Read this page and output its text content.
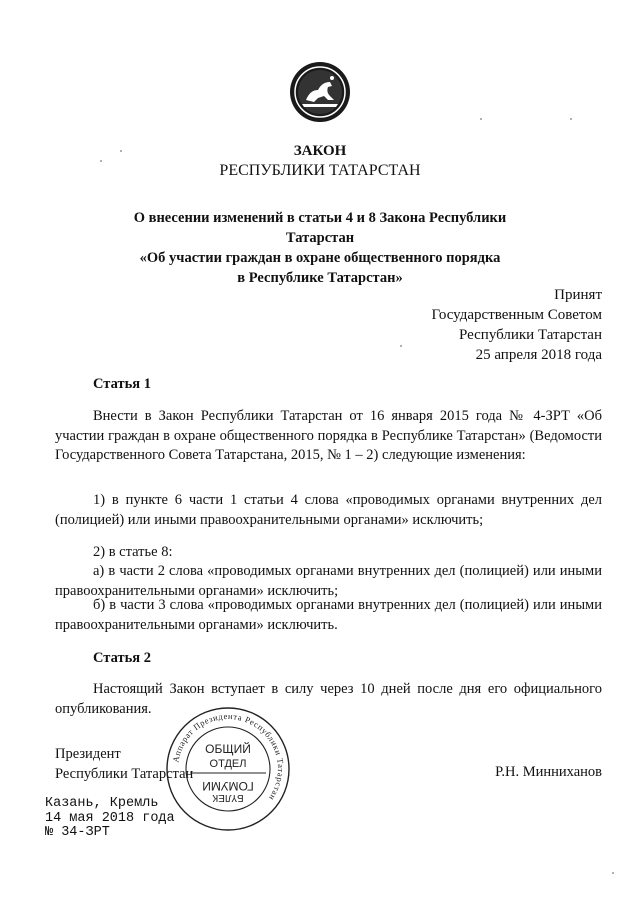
ЗАКОН
РЕСПУБЛИКИ ТАТАРСТАН
О внесении изменений в статьи 4 и 8 Закона Республики Татарстан
«Об участии граждан в охране общественного порядка
в Республике Татарстан»
Принят
Государственным Советом
Республики Татарстан
25 апреля 2018 года
Статья 1
Внести в Закон Республики Татарстан от 16 января 2015 года № 4-ЗРТ «Об участии граждан в охране общественного порядка в Республике Татарстан» (Ведомости Государственного Совета Татарстана, 2015, № 1 – 2) следующие изменения:
1) в пункте 6 части 1 статьи 4 слова «проводимых органами внутренних дел (полицией) или иными правоохранительными органами» исключить;
2) в статье 8:
а) в части 2 слова «проводимых органами внутренних дел (полицией) или иными правоохранительными органами» исключить;
б) в части 3 слова «проводимых органами внутренних дел (полицией) или иными правоохранительными органами» исключить.
Статья 2
Настоящий Закон вступает в силу через 10 дней после дня его официального опубликования.
Президент
Республики Татарстан	Р.Н. Минниханов
Аппарат Президента Республики Татарстан
ОБЩИЙ
ОТДЕЛ
БҮЛЕК
ГОМУМИ
Казань, Кремль
14 мая 2018 года
№ 34-ЗРТ
